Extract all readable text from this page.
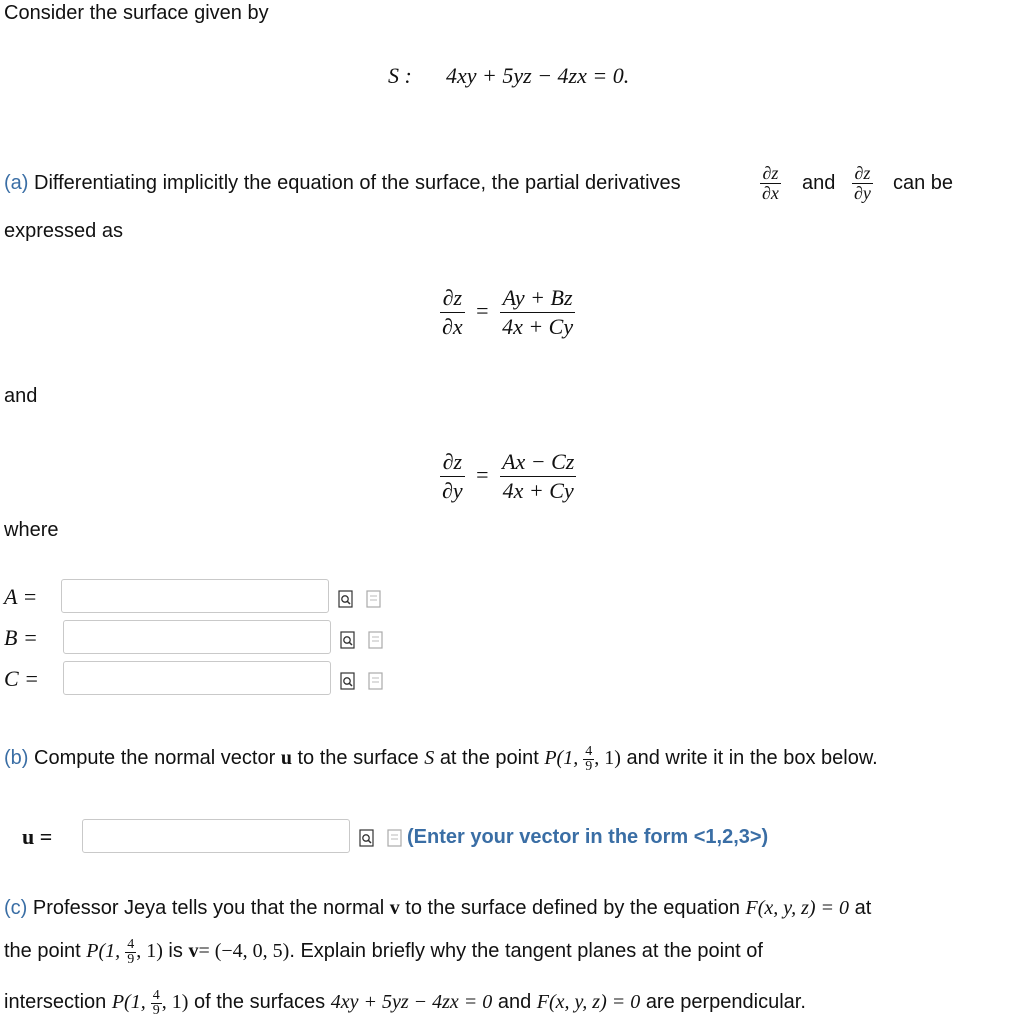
Consider the surface given by
S : 4xy + 5yz − 4zx = 0.
(a) Differentiating implicitly the equation of the surface, the partial derivatives	$\frac{\partial z}{\partial x}$ and $\frac{\partial z}{\partial y}$ can be
expressed as
$\frac{\partial z}{\partial x} = \frac{Ay + Bz}{4x + Cy}$
and
$\frac{\partial z}{\partial y} = \frac{Ax - Cz}{4x + Cy}$
where
A =
B =
C =
(b) Compute the normal vector u to the surface S at the point P(1, $\frac{4}{9}$ , 1) and write it in the box below.
u =	(Enter your vector in the form <1,2,3>)
(c) Professor Jeya tells you that the normal v to the surface defined by the equation F(x, y, z) = 0 at
the point P(1, $\frac{4}{9}$ , 1) is v= (−4, 0, 5). Explain briefly why the tangent planes at the point of
intersection P(1, $\frac{4}{9}$ , 1) of the surfaces 4xy + 5yz − 4zx = 0 and F(x, y, z) = 0 are perpendicular.
